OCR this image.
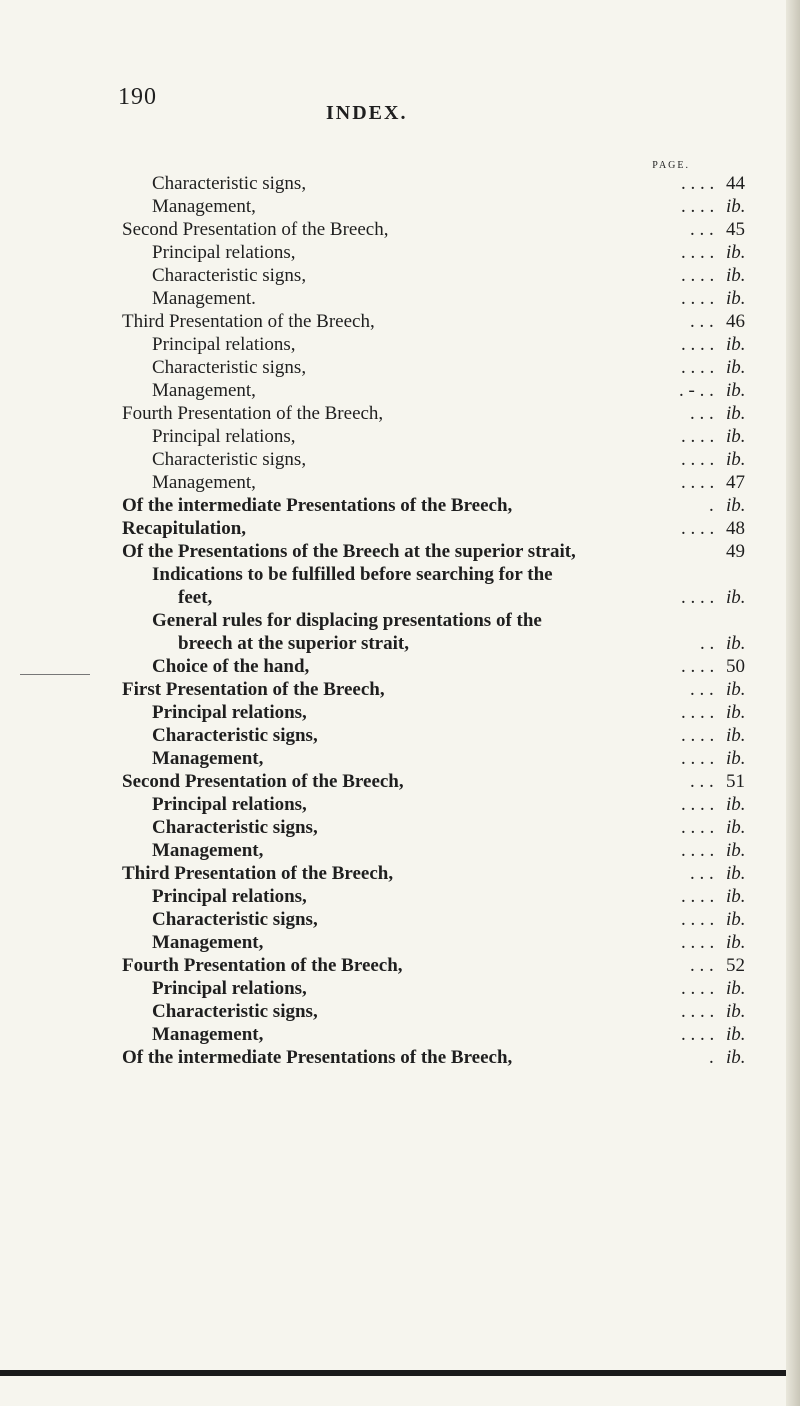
190
INDEX.
PAGE.
Characteristic signs,	. . . . 44
Management,	. . . . ib.
Second Presentation of the Breech,	. . . 45
Principal relations,	. . . . ib.
Characteristic signs,	. . . . ib.
Management.	. . . . ib.
Third Presentation of the Breech,	. . . 46
Principal relations,	. . . . ib.
Characteristic signs,	. . . . ib.
Management,	. - . . ib.
Fourth Presentation of the Breech,	. . . ib.
Principal relations,	. . . . ib.
Characteristic signs,	. . . . ib.
Management,	. . . . 47
Of the intermediate Presentations of the Breech,	. ib.
Recapitulation,	. . . . 48
Of the Presentations of the Breech at the superior strait,	49
Indications to be fulfilled before searching for the
feet,	. . . . ib.
General rules for displacing presentations of the
breech at the superior strait,	. . ib.
Choice of the hand,	. . . . 50
First Presentation of the Breech,	. . . ib.
Principal relations,	. . . . ib.
Characteristic signs,	. . . . ib.
Management,	. . . . ib.
Second Presentation of the Breech,	. . . 51
Principal relations,	. . . . ib.
Characteristic signs,	. . . . ib.
Management,	. . . . ib.
Third Presentation of the Breech,	. . . ib.
Principal relations,	. . . . ib.
Characteristic signs,	. . . . ib.
Management,	. . . . ib.
Fourth Presentation of the Breech,	. . . 52
Principal relations,	. . . . ib.
Characteristic signs,	. . . . ib.
Management,	. . . . ib.
Of the intermediate Presentations of the Breech,	. ib.
